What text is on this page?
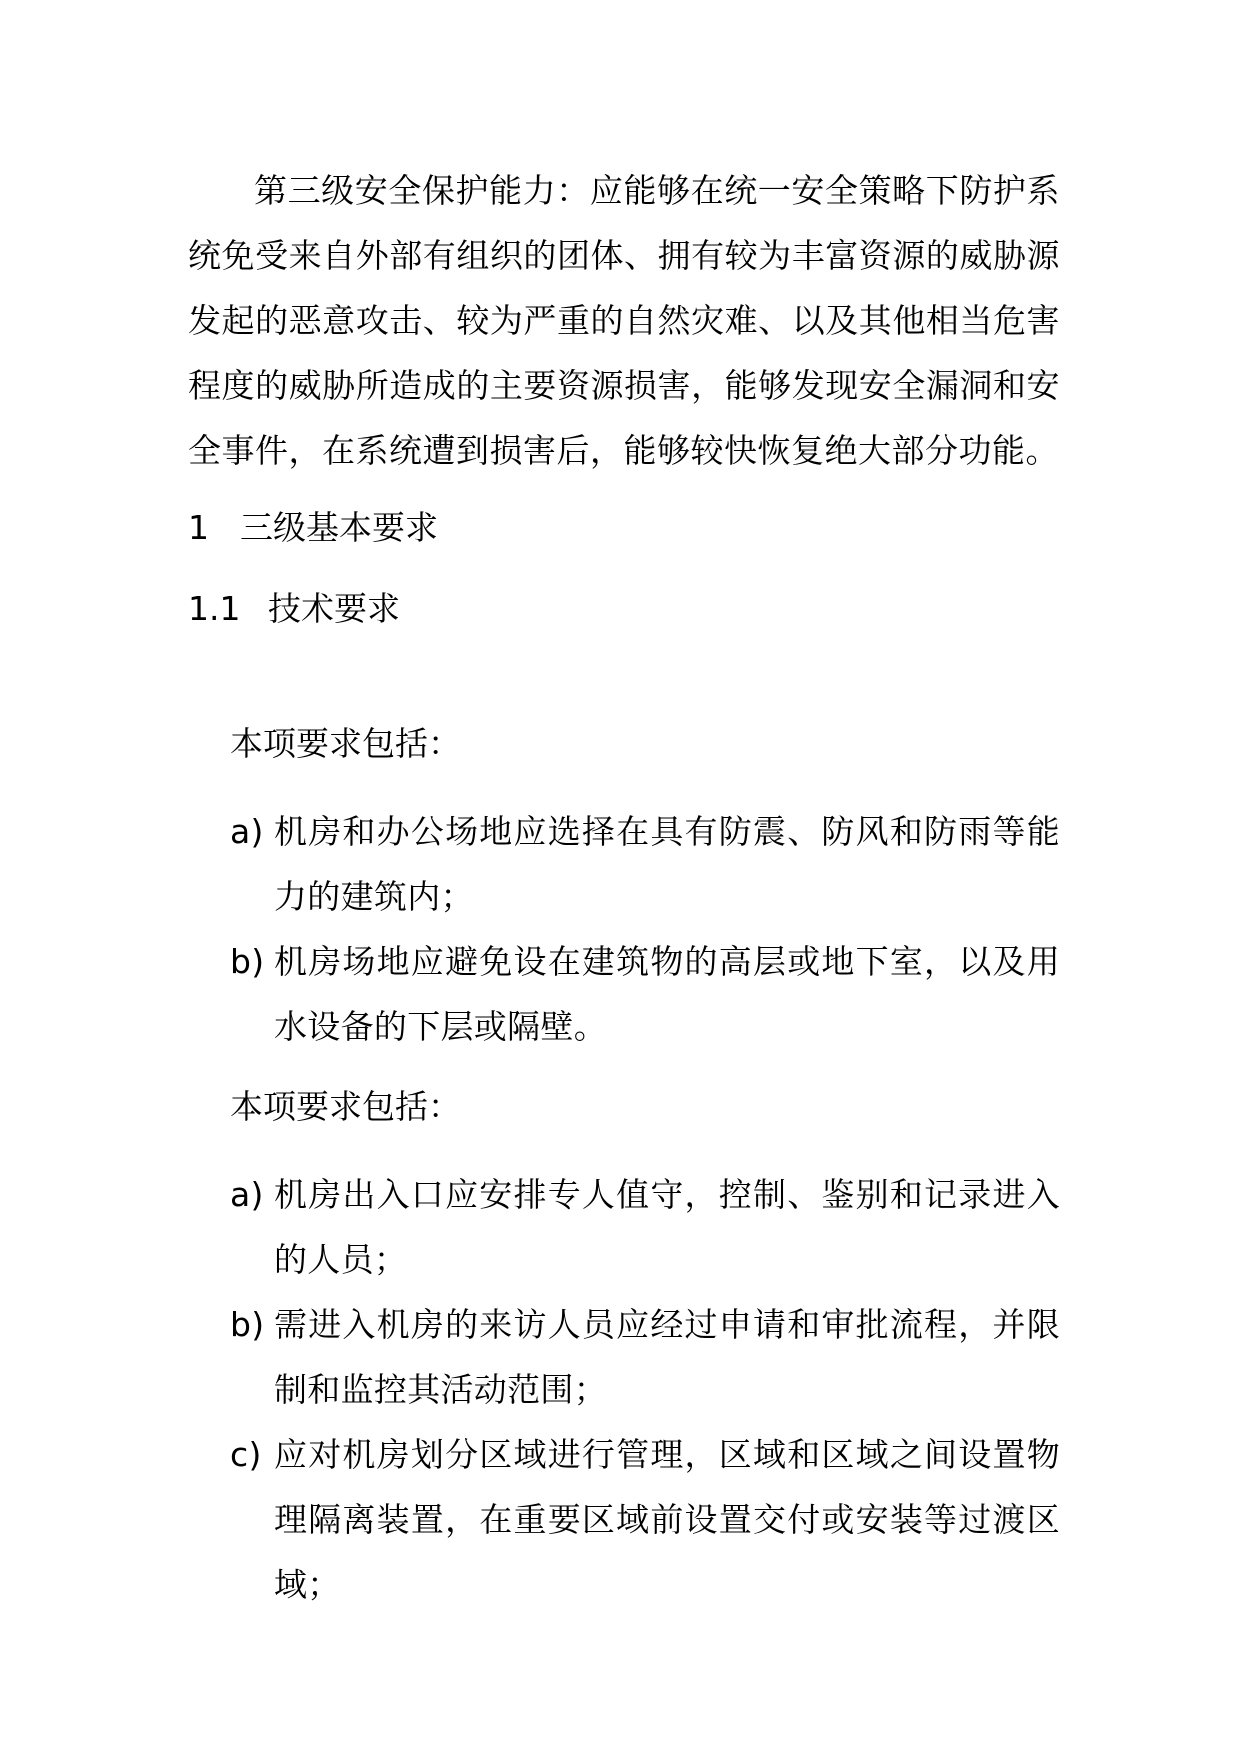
第三级安全保护能力：应能够在统一安全策略下防护系统免受来自外部有组织的团体、拥有较为丰富资源的威胁源发起的恶意攻击、较为严重的自然灾难、以及其他相当危害程度的威胁所造成的主要资源损害，能够发现安全漏洞和安全事件，在系统遭到损害后，能够较快恢复绝大部分功能。

1 三级基本要求
1.1 技术要求

本项要求包括：

a) 机房和办公场地应选择在具有防震、防风和防雨等能力的建筑内；
b) 机房场地应避免设在建筑物的高层或地下室，以及用水设备的下层或隔壁。

本项要求包括：

a) 机房出入口应安排专人值守，控制、鉴别和记录进入的人员；
b) 需进入机房的来访人员应经过申请和审批流程，并限制和监控其活动范围；
c) 应对机房划分区域进行管理，区域和区域之间设置物理隔离装置，在重要区域前设置交付或安装等过渡区域；
